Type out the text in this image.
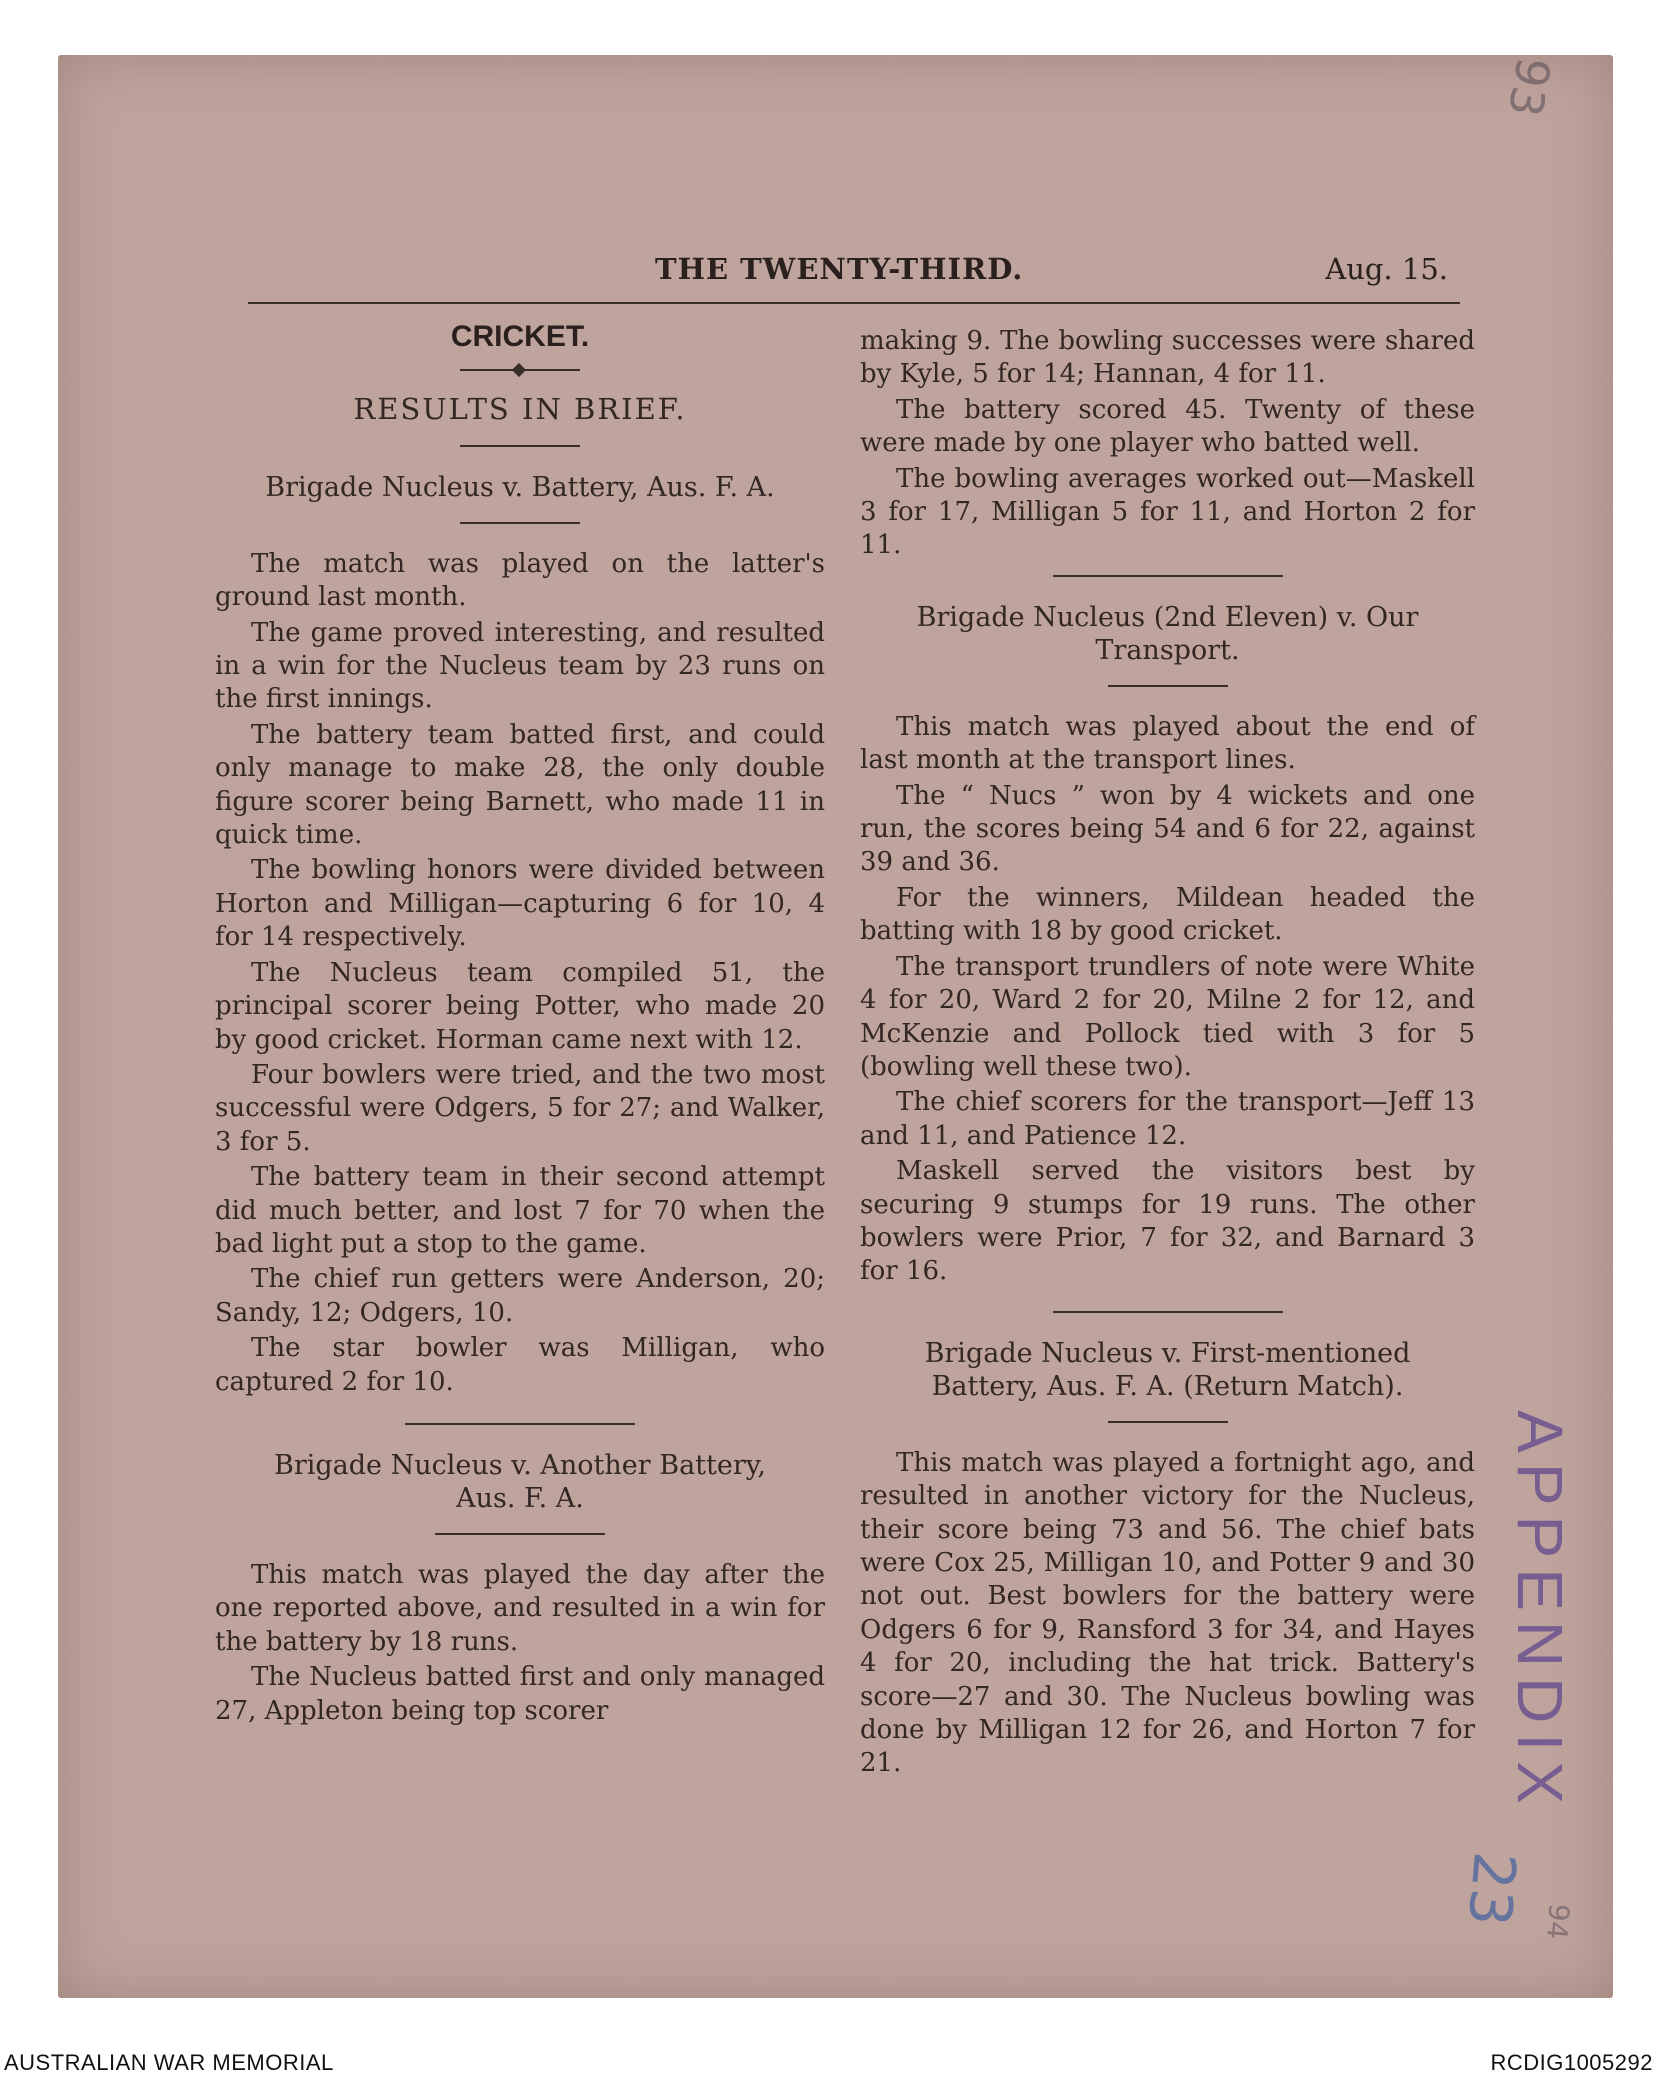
THE TWENTY-THIRD.	Aug. 15.
CRICKET.
RESULTS IN BRIEF.
Brigade Nucleus v. Battery, Aus. F. A.

The match was played on the latter's ground last month.

The game proved interesting, and resulted in a win for the Nucleus team by 23 runs on the first innings.

The battery team batted first, and could only manage to make 28, the only double figure scorer being Barnett, who made 11 in quick time.

The bowling honors were divided between Horton and Milligan—capturing 6 for 10, 4 for 14 respectively.

The Nucleus team compiled 51, the principal scorer being Potter, who made 20 by good cricket. Horman came next with 12.

Four bowlers were tried, and the two most successful were Odgers, 5 for 27; and Walker, 3 for 5.

The battery team in their second attempt did much better, and lost 7 for 70 when the bad light put a stop to the game.

The chief run getters were Anderson, 20; Sandy, 12; Odgers, 10.

The star bowler was Milligan, who captured 2 for 10.

Brigade Nucleus v. Another Battery,
Aus. F. A.

This match was played the day after the one reported above, and resulted in a win for the battery by 18 runs.

The Nucleus batted first and only managed 27, Appleton being top scorer

making 9. The bowling successes were shared by Kyle, 5 for 14; Hannan, 4 for 11.

The battery scored 45. Twenty of these were made by one player who batted well.

The bowling averages worked out—Maskell 3 for 17, Milligan 5 for 11, and Horton 2 for 11.

Brigade Nucleus (2nd Eleven) v. Our
Transport.

This match was played about the end of last month at the transport lines.

The “ Nucs ” won by 4 wickets and one run, the scores being 54 and 6 for 22, against 39 and 36.

For the winners, Mildean headed the batting with 18 by good cricket.

The transport trundlers of note were White 4 for 20, Ward 2 for 20, Milne 2 for 12, and McKenzie and Pollock tied with 3 for 5 (bowling well these two).

The chief scorers for the transport—Jeff 13 and 11, and Patience 12.

Maskell served the visitors best by securing 9 stumps for 19 runs. The other bowlers were Prior, 7 for 32, and Barnard 3 for 16.

Brigade Nucleus v. First-mentioned
Battery, Aus. F. A. (Return Match).

This match was played a fortnight ago, and resulted in another victory for the Nucleus, their score being 73 and 56. The chief bats were Cox 25, Milligan 10, and Potter 9 and 30 not out. Best bowlers for the battery were Odgers 6 for 9, Ransford 3 for 34, and Hayes 4 for 20, including the hat trick. Battery's score—27 and 30. The Nucleus bowling was done by Milligan 12 for 26, and Horton 7 for 21.	APPENDIX
93
23 94
AUSTRALIAN WAR MEMORIAL	RCDIG1005292
